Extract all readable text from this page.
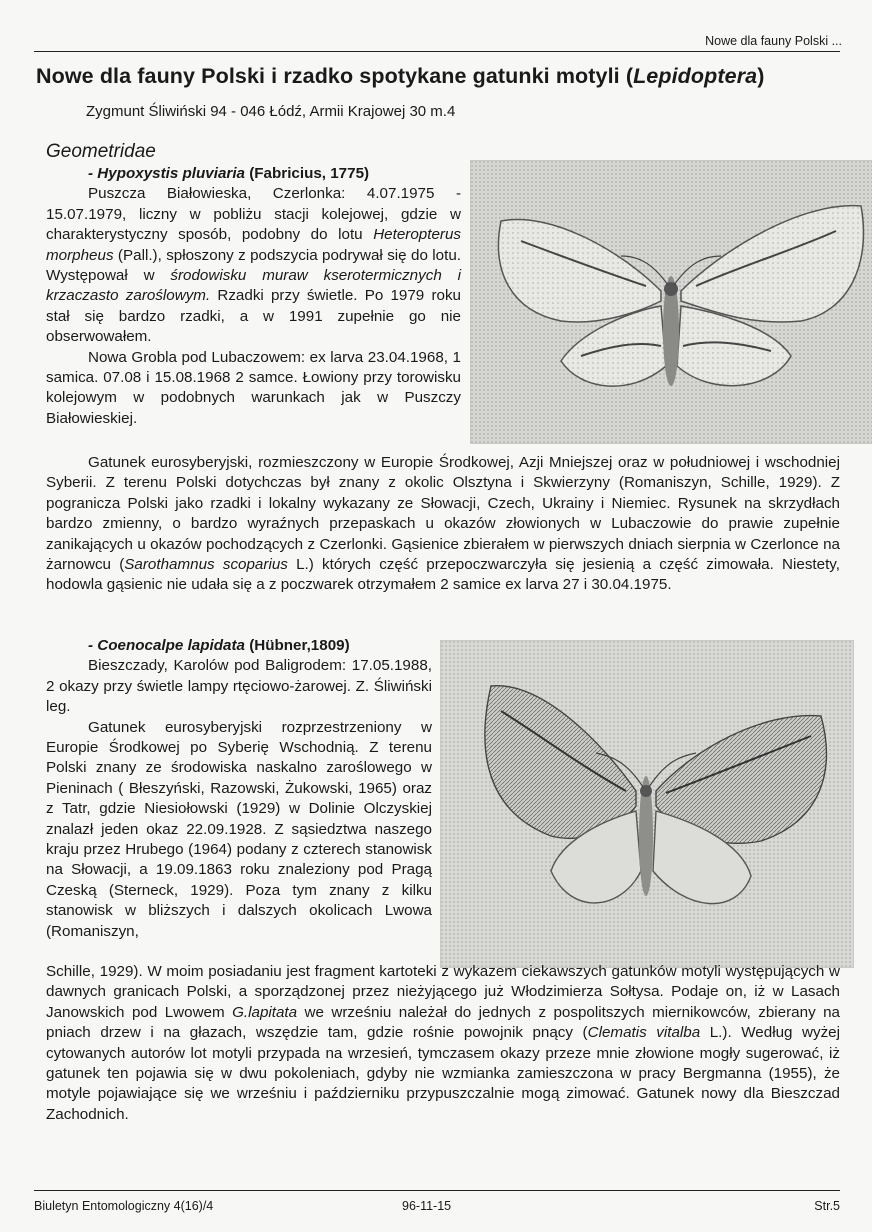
Nowe dla fauny Polski ...
Nowe dla fauny Polski i rzadko spotykane gatunki motyli (Lepidoptera)
Zygmunt Śliwiński 94 - 046 Łódź, Armii Krajowej 30 m.4
Geometridae

- Hypoxystis pluviaria (Fabricius, 1775)

Puszcza Białowieska, Czerlonka: 4.07.1975 - 15.07.1979, liczny w pobliżu stacji kolejowej, gdzie w charakterystyczny sposób, podobny do lotu Heteropterus morpheus (Pall.), spłoszony z podszycia podrywał się do lotu. Występował w środowisku muraw kserotermicznych i krzaczasto zaroślowym. Rzadki przy świetle. Po 1979 roku stał się bardzo rzadki, a w 1991 zupełnie go nie obserwowałem.

Nowa Grobla pod Lubaczowem: ex larva 23.04.1968, 1 samica. 07.08 i 15.08.1968 2 samce. Łowiony przy torowisku kolejowym w podobnych warunkach jak w Puszczy Białowieskiej.

Gatunek eurosyberyjski, rozmieszczony w Europie Środkowej, Azji Mniejszej oraz w południowej i wschodniej Syberii. Z terenu Polski dotychczas był znany z okolic Olsztyna i Skwierzyny (Romaniszyn, Schille, 1929). Z pogranicza Polski jako rzadki i lokalny wykazany ze Słowacji, Czech, Ukrainy i Niemiec. Rysunek na skrzydłach bardzo zmienny, o bardzo wyraźnych przepaskach u okazów złowionych w Lubaczowie do prawie zupełnie zanikających u okazów pochodzących z Czerlonki. Gąsienice zbierałem w pierwszych dniach sierpnia w Czerlonce na żarnowcu (Sarothamnus scoparius L.) których część przepoczwarczyła się jesienią a część zimowała. Niestety, hodowla gąsienic nie udała się a z poczwarek otrzymałem 2 samice ex larva 27 i 30.04.1975.

- Coenocalpe lapidata (Hübner,1809)

Bieszczady, Karolów pod Baligrodem: 17.05.1988, 2 okazy przy świetle lampy rtęciowo-żarowej. Z. Śliwiński leg.

Gatunek eurosyberyjski rozprzestrzeniony w Europie Środkowej po Syberię Wschodnią. Z terenu Polski znany ze środowiska naskalno zaroślowego w Pieninach ( Błeszyński, Razowski, Żukowski, 1965) oraz z Tatr, gdzie Niesiołowski (1929) w Dolinie Olczyskiej znalazł jeden okaz 22.09.1928. Z sąsiedztwa naszego kraju przez Hrubego (1964) podany z czterech stanowisk na Słowacji, a 19.09.1863 roku znaleziony pod Pragą Czeską (Sterneck, 1929). Poza tym znany z kilku stanowisk w bliższych i dalszych okolicach Lwowa (Romaniszyn,

Schille, 1929). W moim posiadaniu jest fragment kartoteki z wykazem ciekawszych gatunków motyli występujących w dawnych granicach Polski, a sporządzonej przez nieżyjącego już Włodzimierza Sołtysa. Podaje on, iż w Lasach Janowskich pod Lwowem G.lapitata we wrześniu należał do jednych z pospolitszych miernikowców, zbierany na pniach drzew i na głazach, wszędzie tam, gdzie rośnie powojnik pnący (Clematis vitalba L.). Według wyżej cytowanych autorów lot motyli przypada na wrzesień, tymczasem okazy przeze mnie złowione mogły sugerować, iż gatunek ten pojawia się w dwu pokoleniach, gdyby nie wzmianka zamieszczona w pracy Bergmanna (1955), że motyle pojawiające się we wrześniu i październiku przypuszczalnie mogą zimować. Gatunek nowy dla Bieszczad Zachodnich.

Biuletyn Entomologiczny 4(16)/4	96-11-15	Str.5
